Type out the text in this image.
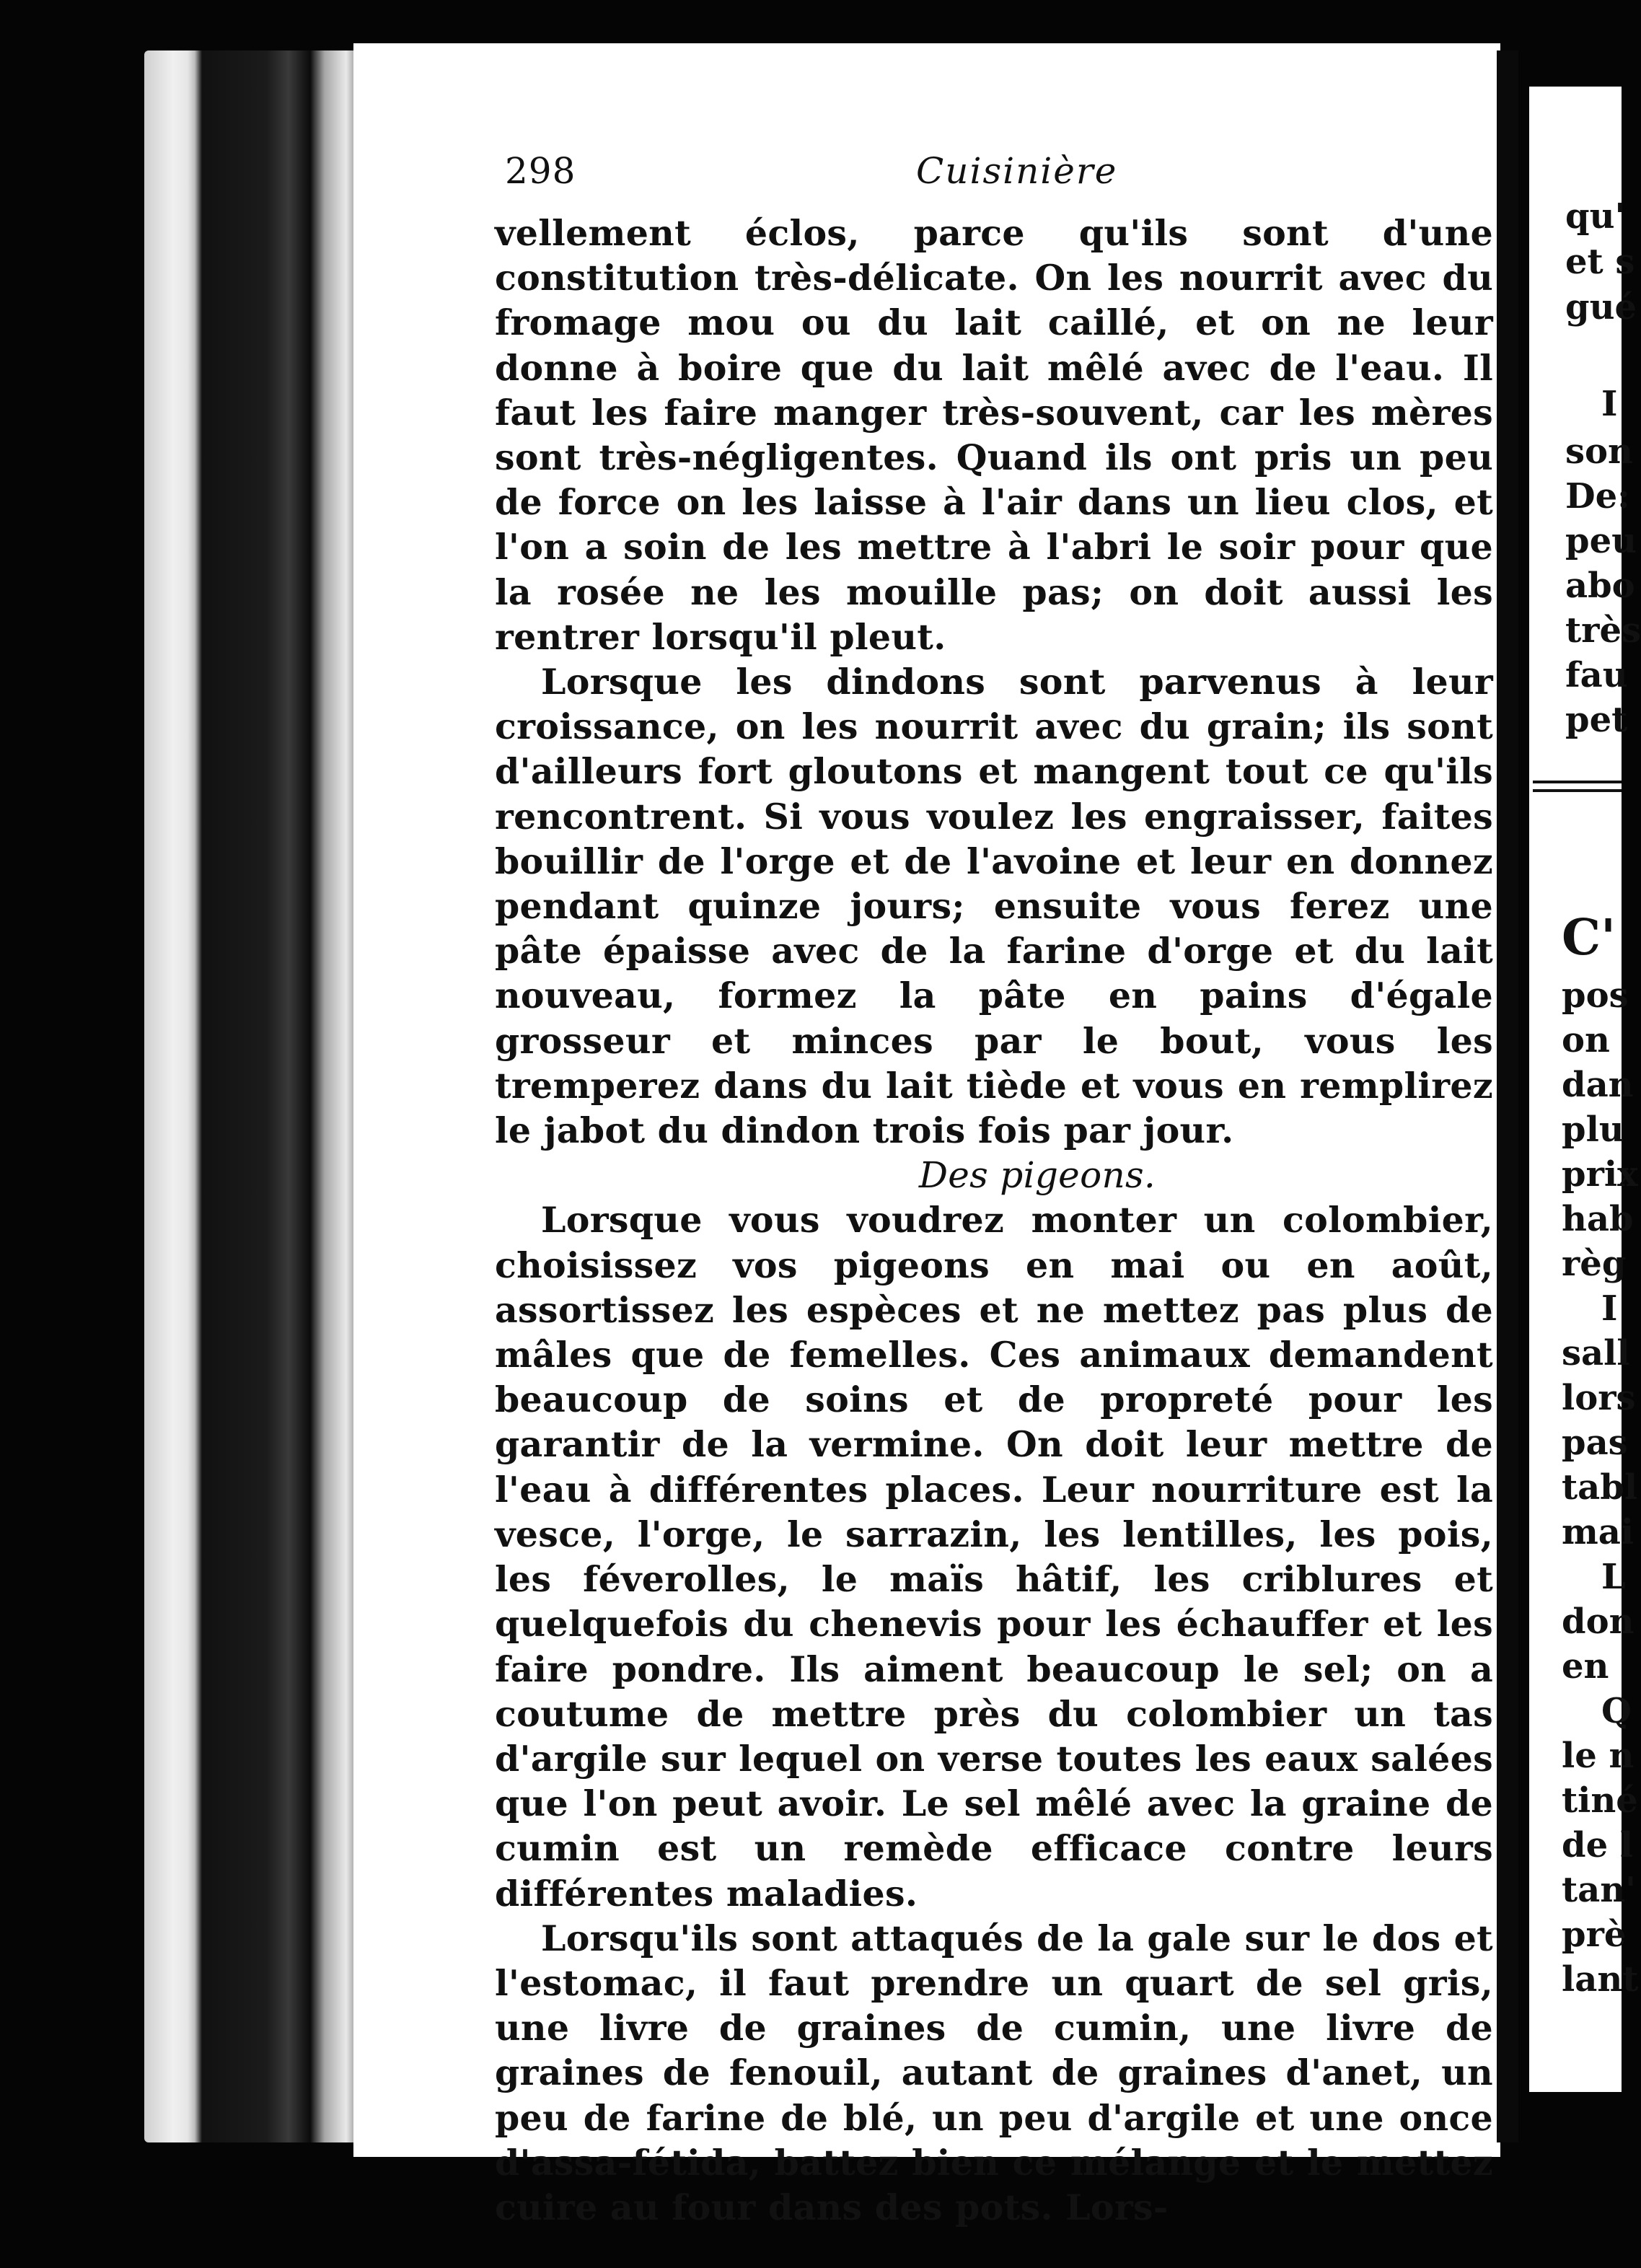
298	Cuisinière

vellement éclos, parce qu'ils sont d'une constitution très-délicate. On les nourrit avec du fromage mou ou du lait caillé, et on ne leur donne à boire que du lait mêlé avec de l'eau. Il faut les faire manger très-souvent, car les mères sont très-négligentes. Quand ils ont pris un peu de force on les laisse à l'air dans un lieu clos, et l'on a soin de les mettre à l'abri le soir pour que la rosée ne les mouille pas; on doit aussi les rentrer lorsqu'il pleut.

Lorsque les dindons sont parvenus à leur croissance, on les nourrit avec du grain; ils sont d'ailleurs fort gloutons et mangent tout ce qu'ils rencontrent. Si vous voulez les engraisser, faites bouillir de l'orge et de l'avoine et leur en donnez pendant quinze jours; ensuite vous ferez une pâte épaisse avec de la farine d'orge et du lait nouveau, formez la pâte en pains d'égale grosseur et minces par le bout, vous les tremperez dans du lait tiède et vous en remplirez le jabot du dindon trois fois par jour.

Des pigeons.

Lorsque vous voudrez monter un colombier, choisissez vos pigeons en mai ou en août, assortissez les espèces et ne mettez pas plus de mâles que de femelles. Ces animaux demandent beaucoup de soins et de propreté pour les garantir de la vermine. On doit leur mettre de l'eau à différentes places. Leur nourriture est la vesce, l'orge, le sarrazin, les lentilles, les pois, les féverolles, le maïs hâtif, les criblures et quelquefois du chenevis pour les échauffer et les faire pondre. Ils aiment beaucoup le sel; on a coutume de mettre près du colombier un tas d'argile sur lequel on verse toutes les eaux salées que l'on peut avoir. Le sel mêlé avec la graine de cumin est un remède efficace contre leurs différentes maladies.

Lorsqu'ils sont attaqués de la gale sur le dos et l'estomac, il faut prendre un quart de sel gris, une livre de graines de cumin, une livre de graines de fenouil, autant de graines d'anet, un peu de farine de blé, un peu d'argile et une once d'assa-fétida, battez bien ce mélange et le mettez cuire au four dans des pots. Lors-

qu'
et s
gué
I
son
De:
peu
abo
très
fau
pet
C'
pos
on
dan
plu
prix
hab
règ
I
sall
lors
pas
tabl
mai
L
don
en
Q
le n
tiné
de l
tan'
prè
lant
